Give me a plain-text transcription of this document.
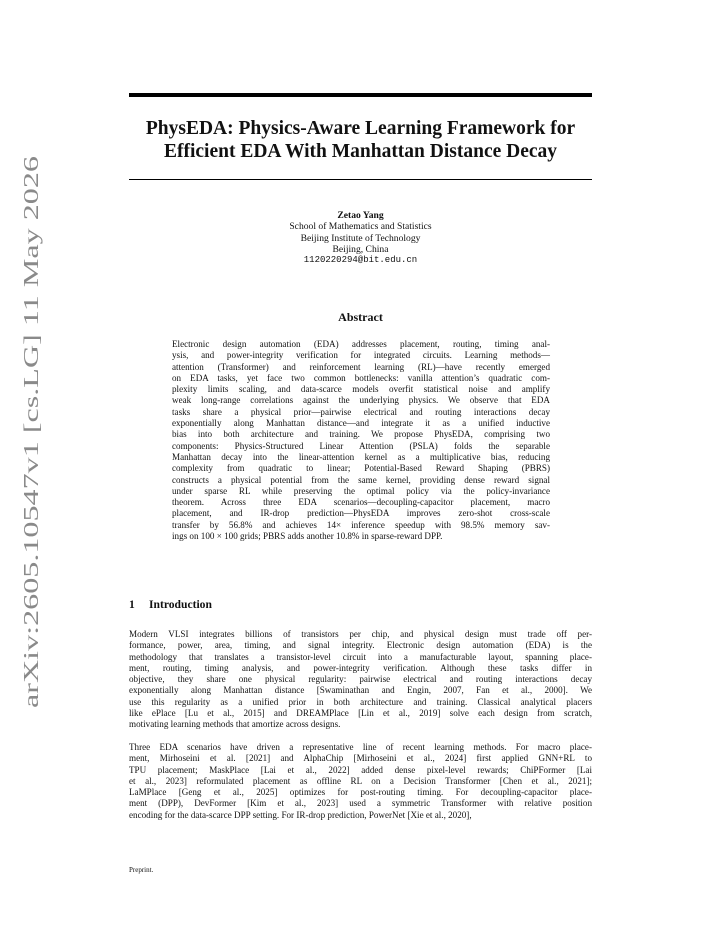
arXiv:2605.10547v1 [cs.LG] 11 May 2026
PhysEDA: Physics-Aware Learning Framework for
Efficient EDA With Manhattan Distance Decay
Zetao Yang
School of Mathematics and Statistics
Beijing Institute of Technology
Beijing, China
1120220294@bit.edu.cn
Abstract
Electronic design automation (EDA) addresses placement, routing, timing anal-
ysis, and power-integrity verification for integrated circuits. Learning methods—
attention (Transformer) and reinforcement learning (RL)—have recently emerged
on EDA tasks, yet face two common bottlenecks: vanilla attention’s quadratic com-
plexity limits scaling, and data-scarce models overfit statistical noise and amplify
weak long-range correlations against the underlying physics. We observe that EDA
tasks share a physical prior—pairwise electrical and routing interactions decay
exponentially along Manhattan distance—and integrate it as a unified inductive
bias into both architecture and training. We propose PhysEDA, comprising two
components: Physics-Structured Linear Attention (PSLA) folds the separable
Manhattan decay into the linear-attention kernel as a multiplicative bias, reducing
complexity from quadratic to linear; Potential-Based Reward Shaping (PBRS)
constructs a physical potential from the same kernel, providing dense reward signal
under sparse RL while preserving the optimal policy via the policy-invariance
theorem. Across three EDA scenarios—decoupling-capacitor placement, macro
placement, and IR-drop prediction—PhysEDA improves zero-shot cross-scale
transfer by 56.8% and achieves 14× inference speedup with 98.5% memory sav-
ings on 100 × 100 grids; PBRS adds another 10.8% in sparse-reward DPP.
1 Introduction
Modern VLSI integrates billions of transistors per chip, and physical design must trade off per-
formance, power, area, timing, and signal integrity. Electronic design automation (EDA) is the
methodology that translates a transistor-level circuit into a manufacturable layout, spanning place-
ment, routing, timing analysis, and power-integrity verification. Although these tasks differ in
objective, they share one physical regularity: pairwise electrical and routing interactions decay
exponentially along Manhattan distance [Swaminathan and Engin, 2007, Fan et al., 2000]. We
use this regularity as a unified prior in both architecture and training. Classical analytical placers
like ePlace [Lu et al., 2015] and DREAMPlace [Lin et al., 2019] solve each design from scratch,
motivating learning methods that amortize across designs.
Three EDA scenarios have driven a representative line of recent learning methods. For macro place-
ment, Mirhoseini et al. [2021] and AlphaChip [Mirhoseini et al., 2024] first applied GNN+RL to
TPU placement; MaskPlace [Lai et al., 2022] added dense pixel-level rewards; ChiPFormer [Lai
et al., 2023] reformulated placement as offline RL on a Decision Transformer [Chen et al., 2021];
LaMPlace [Geng et al., 2025] optimizes for post-routing timing. For decoupling-capacitor place-
ment (DPP), DevFormer [Kim et al., 2023] used a symmetric Transformer with relative position
encoding for the data-scarce DPP setting. For IR-drop prediction, PowerNet [Xie et al., 2020],
Preprint.
